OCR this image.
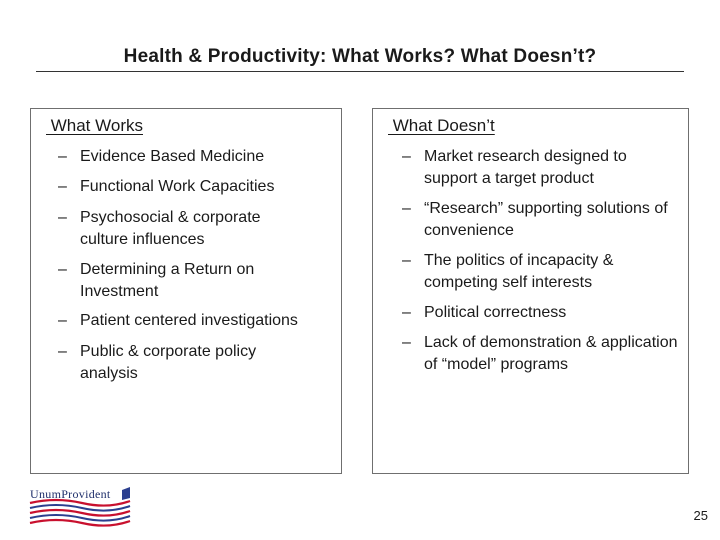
Health & Productivity: What Works? What Doesn’t?
What Works
– Evidence Based Medicine
– Functional Work Capacities
– Psychosocial & corporate culture influences
– Determining a Return on Investment
– Patient centered investigations
– Public & corporate policy analysis
What Doesn’t
– Market research designed to support a target product
– “Research” supporting solutions of convenience
– The politics of incapacity & competing self interests
– Political correctness
– Lack of demonstration & application of “model” programs
UnumProvident
25
